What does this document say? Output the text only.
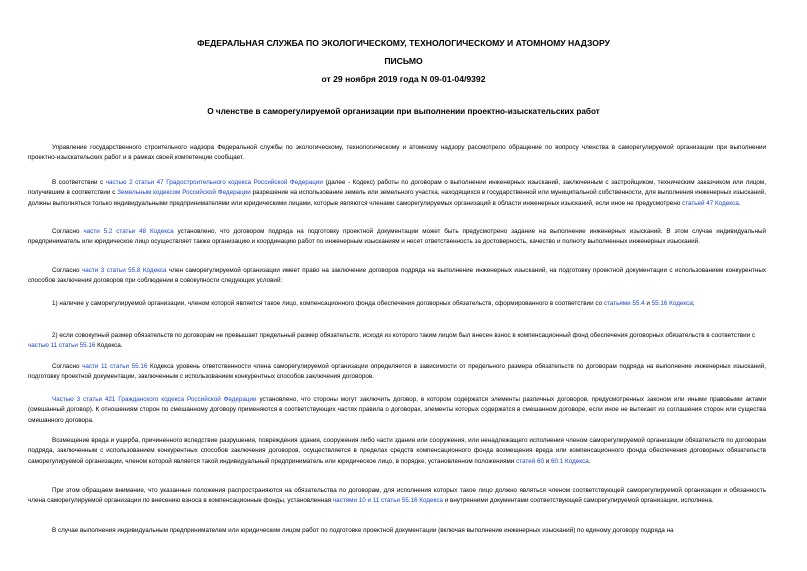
ФЕДЕРАЛЬНАЯ СЛУЖБА ПО ЭКОЛОГИЧЕСКОМУ, ТЕХНОЛОГИЧЕСКОМУ И АТОМНОМУ НАДЗОРУ
ПИСЬМО
от 29 ноября 2019 года N 09-01-04/9392
О членстве в саморегулируемой организации при выполнении проектно-изыскательских работ
Управление государственного строительного надзора Федеральной службы по экологическому, технологическому и атомному надзору рассмотрело обращение по вопросу членства в саморегулируемой организации при выполнении проектно-изыскательских работ и в рамках своей компетенции сообщает.
В соответствии с частью 2 статьи 47 Градостроительного кодекса Российской Федерации (далее - Кодекс) работы по договорам о выполнении инженерных изысканий, заключенным с застройщиком, техническим заказчиком или лицом, получившим в соответствии с Земельным кодексом Российской Федерации разрешение на использование земель или земельного участка, находящихся в государственной или муниципальной собственности, для выполнения инженерных изысканий, должны выполняться только индивидуальными предпринимателями или юридическими лицами, которые являются членами саморегулируемых организаций в области инженерных изысканий, если иное не предусмотрено статьей 47 Кодекса.
Согласно части 5.2 статьи 48 Кодекса установлено, что договором подряда на подготовку проектной документации может быть предусмотрено задание на выполнение инженерных изысканий. В этом случае индивидуальный предприниматель или юридическое лицо осуществляет также организацию и координацию работ по инженерным изысканиям и несет ответственность за достоверность, качество и полноту выполненных инженерных изысканий.
Согласно части 3 статьи 55.8 Кодекса член саморегулируемой организации имеет право на заключение договоров подряда на выполнение инженерных изысканий, на подготовку проектной документации с использованием конкурентных способов заключения договоров при соблюдении в совокупности следующих условий:
1) наличие у саморегулируемой организации, членом которой является такое лицо, компенсационного фонда обеспечения договорных обязательств, сформированного в соответствии со статьями 55.4 и 55.16 Кодекса;
2) если совокупный размер обязательств по договорам не превышает предельный размер обязательств, исходя из которого таким лицом был внесен взнос в компенсационный фонд обеспечения договорных обязательств в соответствии с частью 11 статьи 55.16 Кодекса.
Согласно части 11 статьи 55.16 Кодекса уровень ответственности члена саморегулируемой организации определяется в зависимости от предельного размера обязательств по договорам подряда на выполнение инженерных изысканий, подготовку проектной документации, заключенным с использованием конкурентных способов заключения договоров.
Частью 3 статьи 421 Гражданского кодекса Российской Федерации установлено, что стороны могут заключить договор, в котором содержатся элементы различных договоров, предусмотренных законом или иными правовыми актами (смешанный договор). К отношениям сторон по смешанному договору применяются в соответствующих частях правила о договорах, элементы которых содержатся в смешанном договоре, если иное не вытекает из соглашения сторон или существа смешанного договора.
Возмещение вреда и ущерба, причиненного вследствие разрушения, повреждения здания, сооружения либо части здания или сооружения, или ненадлежащего исполнения членом саморегулируемой организации обязательств по договорам подряда, заключенным с использованием конкурентных способов заключения договоров, осуществляется в пределах средств компенсационного фонда возмещения вреда или компенсационного фонда обеспечения договорных обязательств саморегулируемой организации, членом которой является такой индивидуальный предприниматель или юридическое лицо, в порядке, установленном положениями статей 60 и 60.1 Кодекса.
При этом обращаем внимание, что указанные положения распространяются на обязательства по договорам, для исполнения которых такое лицо должно являться членом соответствующей саморегулируемой организации и обязанность члена саморегулируемой организации по внесению взноса в компенсационные фонды, установленная частями 10 и 11 статьи 55.16 Кодекса и внутренними документами соответствующей саморегулируемой организации, исполнена.
В случае выполнения индивидуальным предпринимателем или юридическим лицом работ по подготовке проектной документации (включая выполнение инженерных изысканий) по единому договору подряда на
